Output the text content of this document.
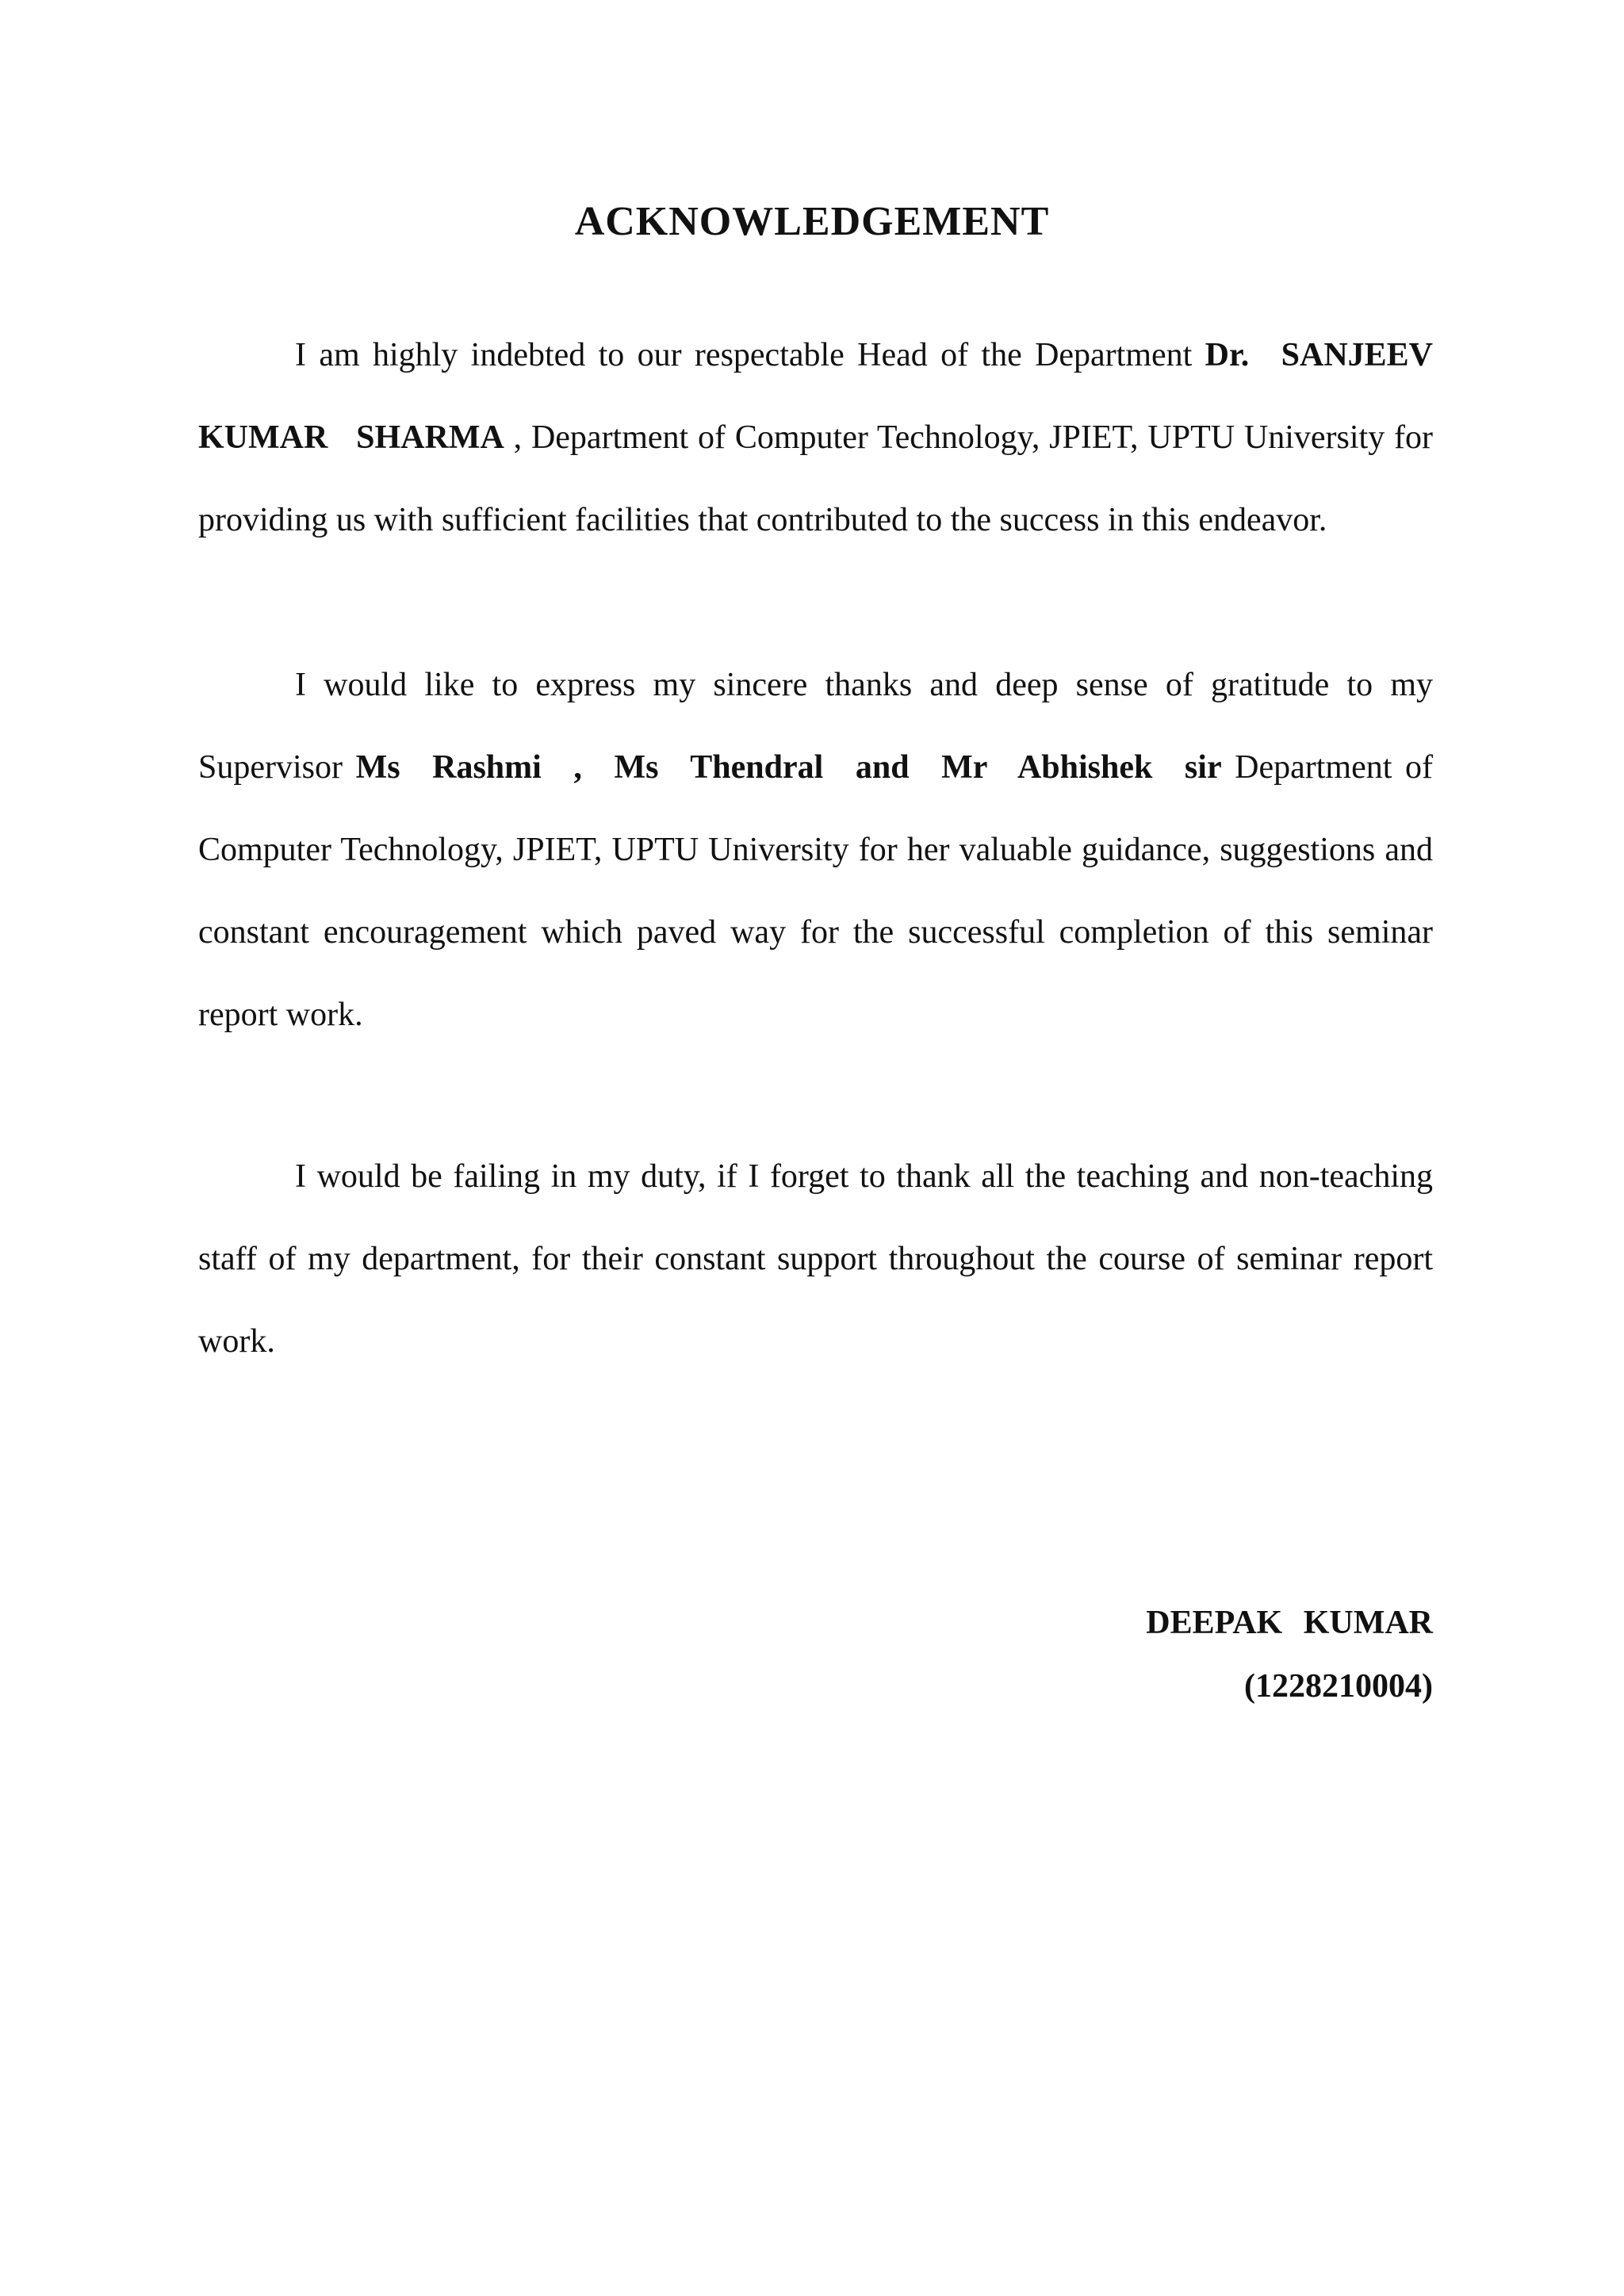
ACKNOWLEDGEMENT

I am highly indebted to our respectable Head of the Department Dr. SANJEEV KUMAR SHARMA , Department of Computer Technology, JPIET, UPTU University for providing us with sufficient facilities that contributed to the success in this endeavor.

I would like to express my sincere thanks and deep sense of gratitude to my Supervisor Ms Rashmi , Ms Thendral and Mr Abhishek sir Department of Computer Technology, JPIET, UPTU University for her valuable guidance, suggestions and constant encouragement which paved way for the successful completion of this seminar report work.

I would be failing in my duty, if I forget to thank all the teaching and non-teaching staff of my department, for their constant support throughout the course of seminar report work.

DEEPAK KUMAR

(1228210004)
